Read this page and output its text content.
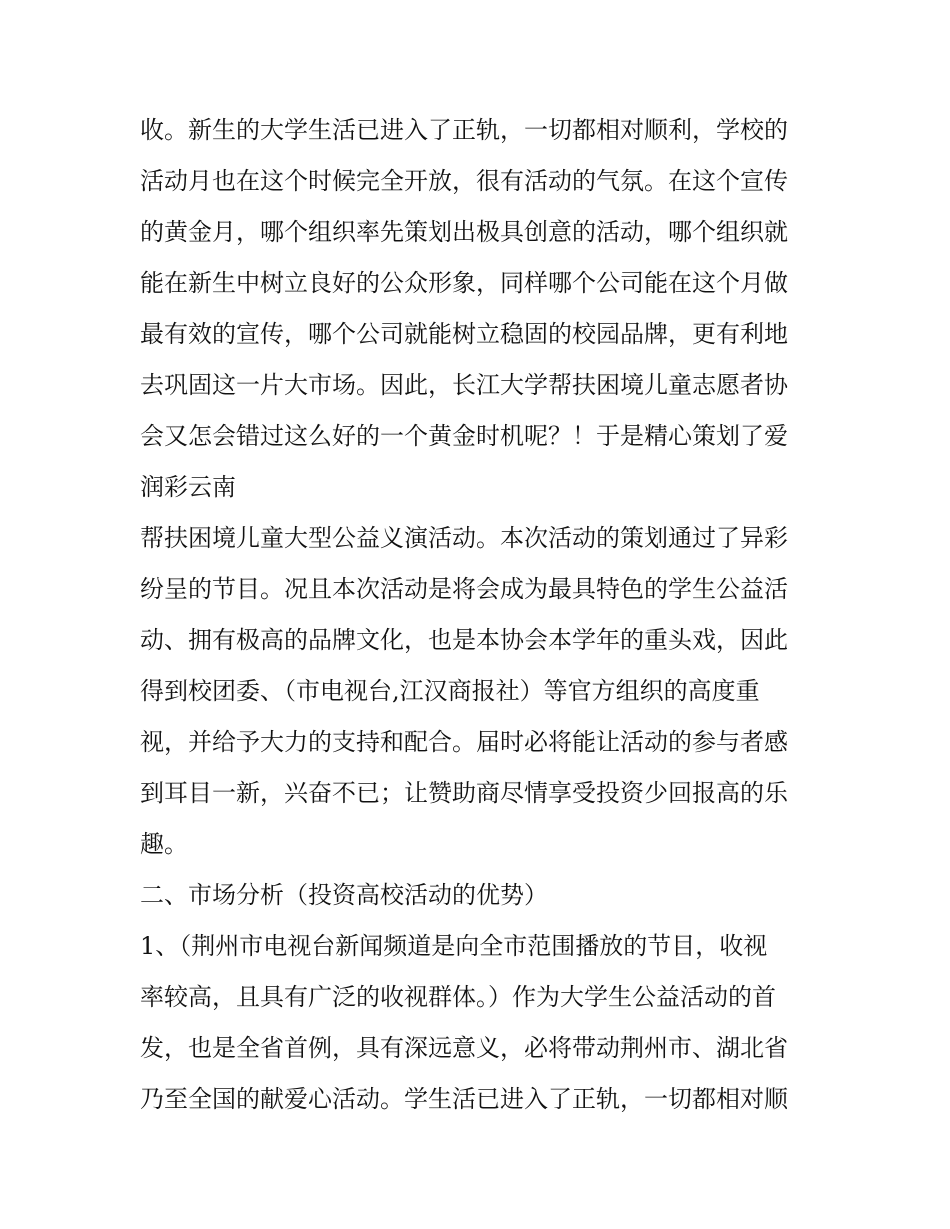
收。新生的大学生活已进入了正轨，一切都相对顺利，学校的

活动月也在这个时候完全开放，很有活动的气氛。在这个宣传

的黄金月，哪个组织率先策划出极具创意的活动，哪个组织就

能在新生中树立良好的公众形象，同样哪个公司能在这个月做

最有效的宣传，哪个公司就能树立稳固的校园品牌，更有利地

去巩固这一片大市场。因此，长江大学帮扶困境儿童志愿者协

会又怎会错过这么好的一个黄金时机呢？！于是精心策划了爱

润彩云南

帮扶困境儿童大型公益义演活动。本次活动的策划通过了异彩

纷呈的节目。况且本次活动是将会成为最具特色的学生公益活

动、拥有极高的品牌文化，也是本协会本学年的重头戏，因此

得到校团委、（市电视台,江汉商报社）等官方组织的高度重

视，并给予大力的支持和配合。届时必将能让活动的参与者感

到耳目一新，兴奋不已；让赞助商尽情享受投资少回报高的乐

趣。

二、市场分析（投资高校活动的优势）

1、（荆州市电视台新闻频道是向全市范围播放的节目，收视

率较高，且具有广泛的收视群体。）作为大学生公益活动的首

发，也是全省首例，具有深远意义，必将带动荆州市、湖北省

乃至全国的献爱心活动。学生活已进入了正轨，一切都相对顺
